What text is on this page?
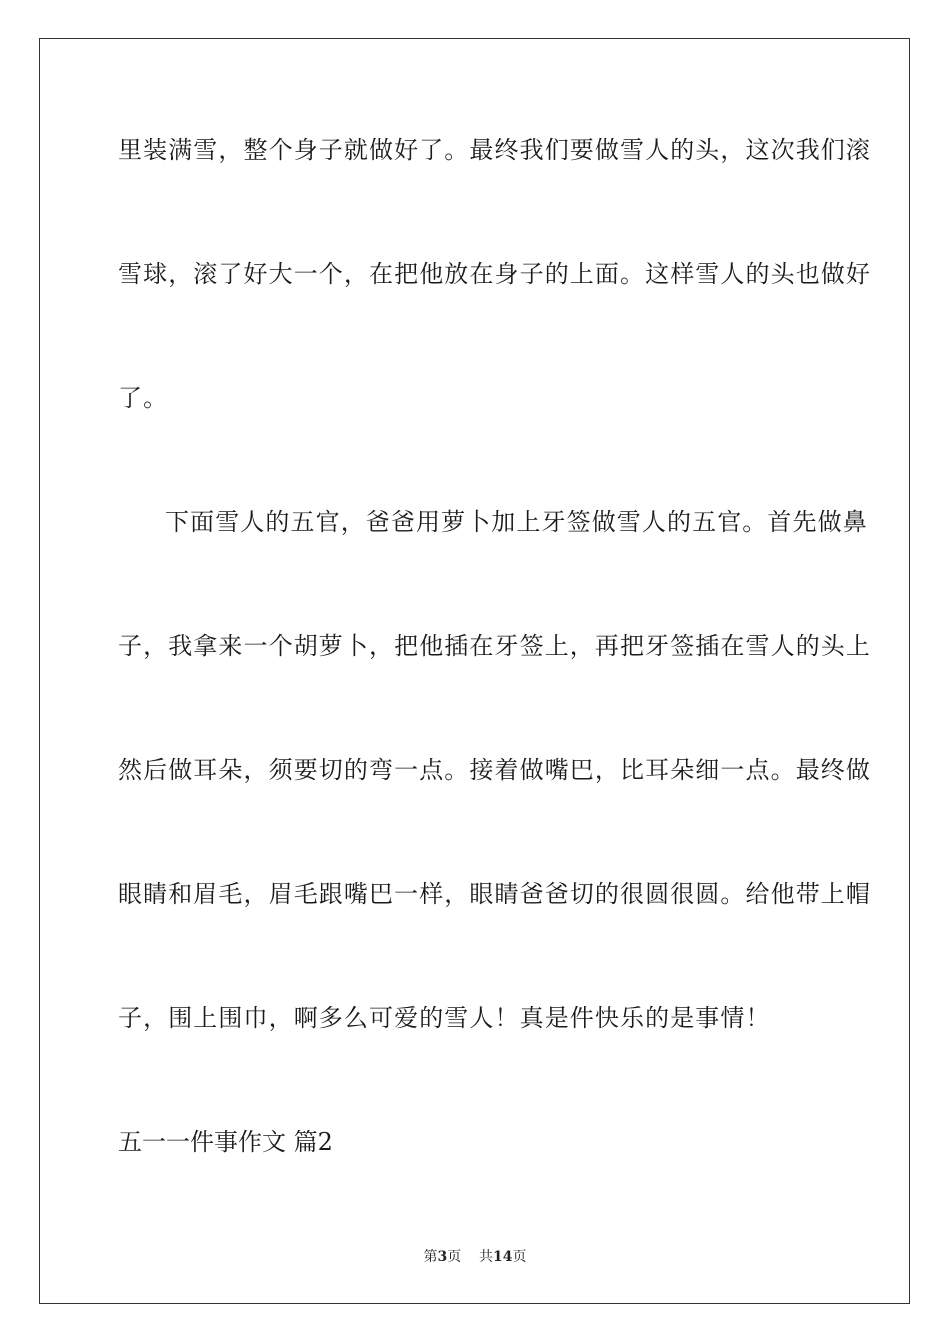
里装满雪，整个身子就做好了。最终我们要做雪人的头，这次我们滚
雪球，滚了好大一个，在把他放在身子的上面。这样雪人的头也做好
了。
下面雪人的五官，爸爸用萝卜加上牙签做雪人的五官。首先做鼻
子，我拿来一个胡萝卜，把他插在牙签上，再把牙签插在雪人的头上
然后做耳朵，须要切的弯一点。接着做嘴巴，比耳朵细一点。最终做
眼睛和眉毛，眉毛跟嘴巴一样，眼睛爸爸切的很圆很圆。给他带上帽
子，围上围巾，啊多么可爱的雪人！真是件快乐的是事情！
五一一件事作文 篇2
第3页 共14页
